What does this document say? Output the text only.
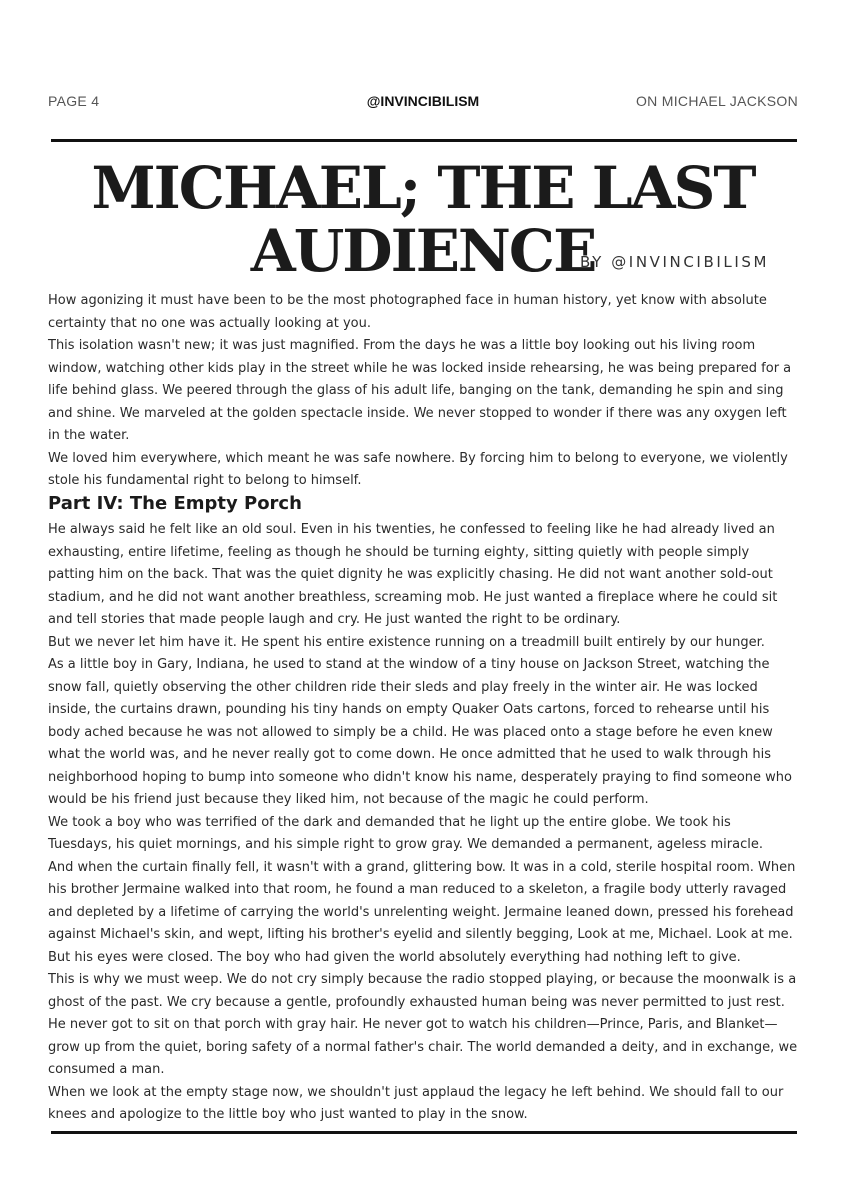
PAGE 4	@INVINCIBILISM	ON MICHAEL JACKSON
MICHAEL; THE LAST AUDIENCE
BY @INVINCIBILISM

How agonizing it must have been to be the most photographed face in human history, yet know with absolute certainty that no one was actually looking at you.

This isolation wasn't new; it was just magnified. From the days he was a little boy looking out his living room window, watching other kids play in the street while he was locked inside rehearsing, he was being prepared for a life behind glass. We peered through the glass of his adult life, banging on the tank, demanding he spin and sing and shine. We marveled at the golden spectacle inside. We never stopped to wonder if there was any oxygen left in the water.

We loved him everywhere, which meant he was safe nowhere. By forcing him to belong to everyone, we violently stole his fundamental right to belong to himself.

Part IV: The Empty Porch

He always said he felt like an old soul. Even in his twenties, he confessed to feeling like he had already lived an exhausting, entire lifetime, feeling as though he should be turning eighty, sitting quietly with people simply patting him on the back. That was the quiet dignity he was explicitly chasing. He did not want another sold-out stadium, and he did not want another breathless, screaming mob. He just wanted a fireplace where he could sit and tell stories that made people laugh and cry. He just wanted the right to be ordinary.

But we never let him have it. He spent his entire existence running on a treadmill built entirely by our hunger.

As a little boy in Gary, Indiana, he used to stand at the window of a tiny house on Jackson Street, watching the snow fall, quietly observing the other children ride their sleds and play freely in the winter air. He was locked inside, the curtains drawn, pounding his tiny hands on empty Quaker Oats cartons, forced to rehearse until his body ached because he was not allowed to simply be a child. He was placed onto a stage before he even knew what the world was, and he never really got to come down. He once admitted that he used to walk through his neighborhood hoping to bump into someone who didn't know his name, desperately praying to find someone who would be his friend just because they liked him, not because of the magic he could perform.

We took a boy who was terrified of the dark and demanded that he light up the entire globe. We took his Tuesdays, his quiet mornings, and his simple right to grow gray. We demanded a permanent, ageless miracle.

And when the curtain finally fell, it wasn't with a grand, glittering bow. It was in a cold, sterile hospital room. When his brother Jermaine walked into that room, he found a man reduced to a skeleton, a fragile body utterly ravaged and depleted by a lifetime of carrying the world's unrelenting weight. Jermaine leaned down, pressed his forehead against Michael's skin, and wept, lifting his brother's eyelid and silently begging, Look at me, Michael. Look at me.

But his eyes were closed. The boy who had given the world absolutely everything had nothing left to give.

This is why we must weep. We do not cry simply because the radio stopped playing, or because the moonwalk is a ghost of the past. We cry because a gentle, profoundly exhausted human being was never permitted to just rest. He never got to sit on that porch with gray hair. He never got to watch his children—Prince, Paris, and Blanket—grow up from the quiet, boring safety of a normal father's chair. The world demanded a deity, and in exchange, we consumed a man.

When we look at the empty stage now, we shouldn't just applaud the legacy he left behind. We should fall to our knees and apologize to the little boy who just wanted to play in the snow.
